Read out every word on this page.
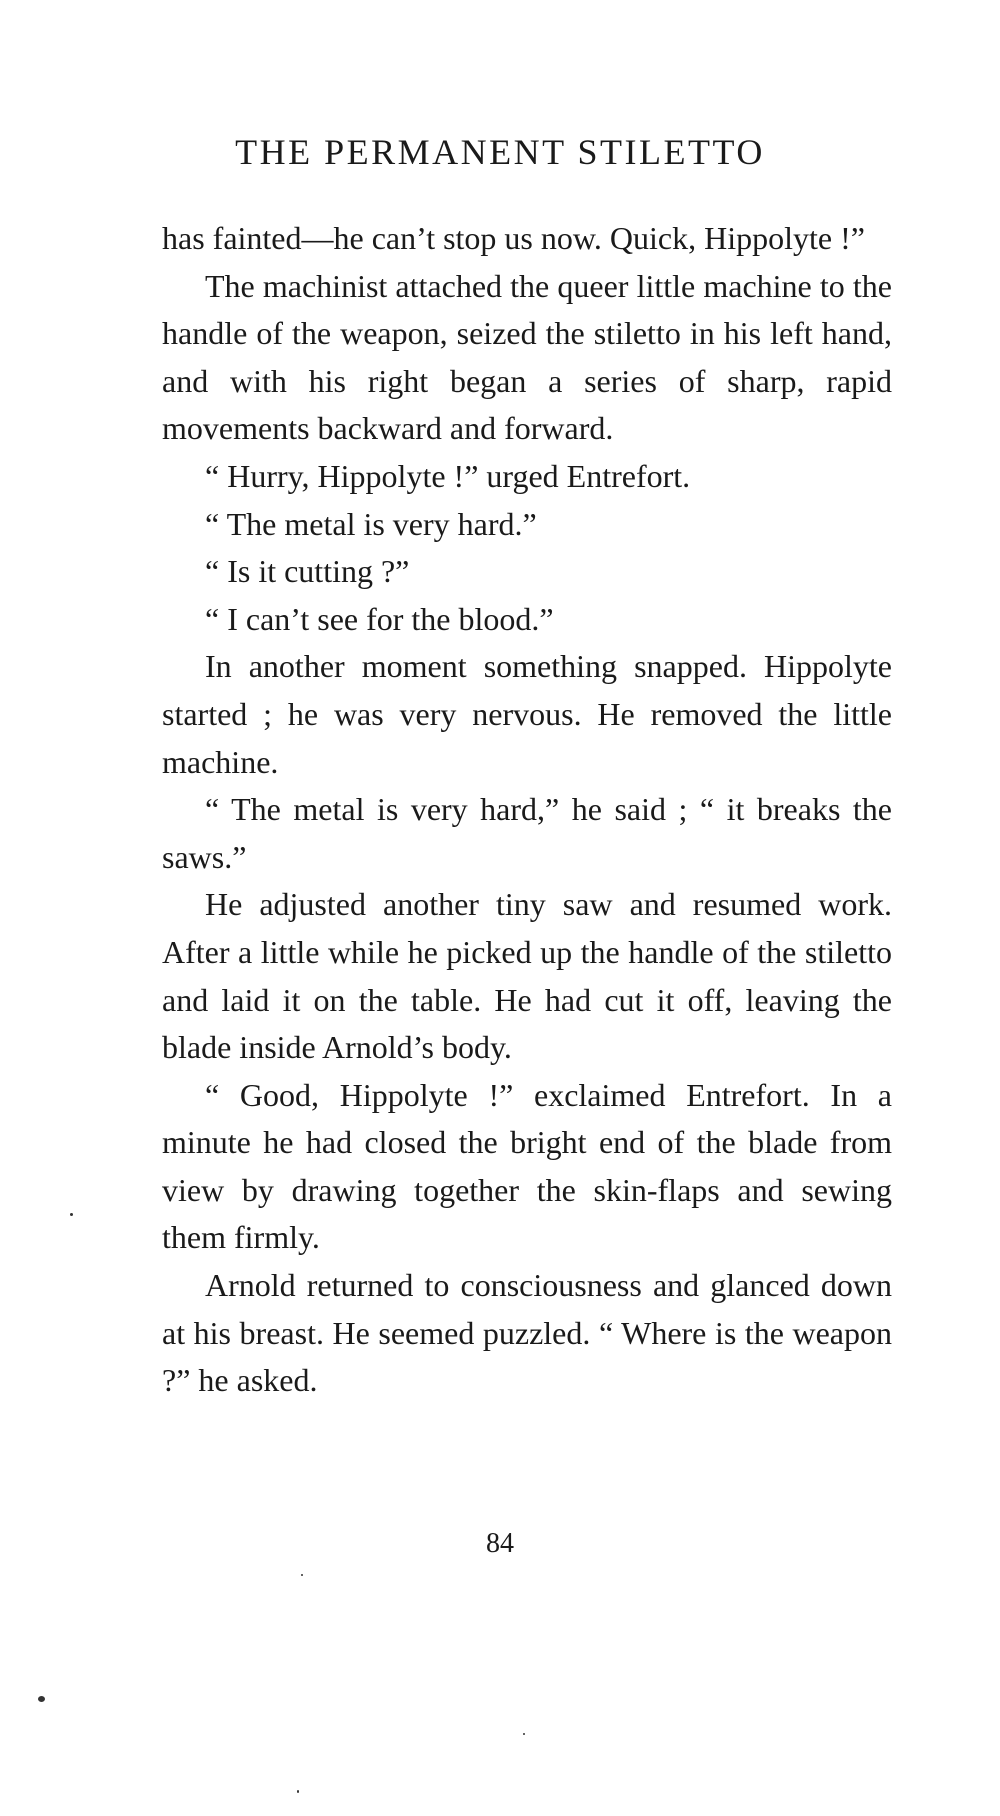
THE PERMANENT STILETTO

has fainted—he can’t stop us now. Quick, Hippolyte !”

The machinist attached the queer little machine to the handle of the weapon, seized the stiletto in his left hand, and with his right began a series of sharp, rapid movements backward and forward.

“ Hurry, Hippolyte !” urged Entrefort.

“ The metal is very hard.”

“ Is it cutting ?”

“ I can’t see for the blood.”

In another moment something snapped. Hippolyte started ; he was very nervous. He removed the little machine.

“ The metal is very hard,” he said ; “ it breaks the saws.”

He adjusted another tiny saw and resumed work. After a little while he picked up the handle of the stiletto and laid it on the table. He had cut it off, leaving the blade inside Arnold’s body.

“ Good, Hippolyte !” exclaimed Entrefort. In a minute he had closed the bright end of the blade from view by drawing together the skin-flaps and sewing them firmly.

Arnold returned to consciousness and glanced down at his breast. He seemed puzzled. “ Where is the weapon ?” he asked.

84
